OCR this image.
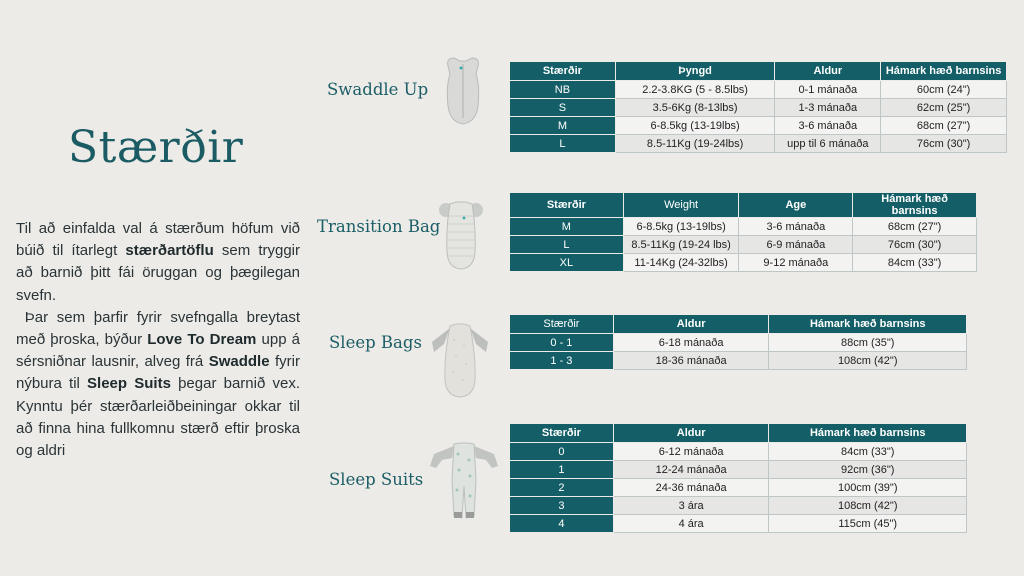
Stærðir
Til að einfalda val á stærðum höfum við búið til ítarlegt stærðartöflu sem tryggir að barnið þitt fái öruggan og þægilegan svefn.
Þar sem þarfir fyrir svefngalla breytast með þroska, býður Love To Dream upp á sérsniðnar lausnir, alveg frá Swaddle fyrir nýbura til Sleep Suits þegar barnið vex. Kynntu þér stærðarleiðbeiningar okkar til að finna hina fullkomnu stærð eftir þroska og aldri
Swaddle Up
Transition Bag
Sleep Bags
Sleep Suits
Stærðir	Þyngd	Aldur	Hámark hæð barnsins
NB	2.2-3.8KG (5 - 8.5lbs)	0-1 mánaða	60cm (24")
S	3.5-6Kg (8-13lbs)	1-3 mánaða	62cm (25")
M	6-8.5kg (13-19lbs)	3-6 mánaða	68cm (27")
L	8.5-11Kg (19-24lbs)	upp til 6 mánaða	76cm (30")
Stærðir	Weight	Age	Hámark hæð barnsins
M	6-8.5kg (13-19lbs)	3-6 mánaða	68cm (27")
L	8.5-11Kg (19-24 lbs)	6-9 mánaða	76cm (30")
XL	11-14Kg (24-32lbs)	9-12 mánaða	84cm (33")
Stærðir	Aldur	Hámark hæð barnsins
0 - 1	6-18 mánaða	88cm (35")
1 - 3	18-36 mánaða	108cm (42")
Stærðir	Aldur	Hámark hæð barnsins
0	6-12 mánaða	84cm (33")
1	12-24 mánaða	92cm (36")
2	24-36 mánaða	100cm (39")
3	3 ára	108cm (42")
4	4 ára	115cm (45")
